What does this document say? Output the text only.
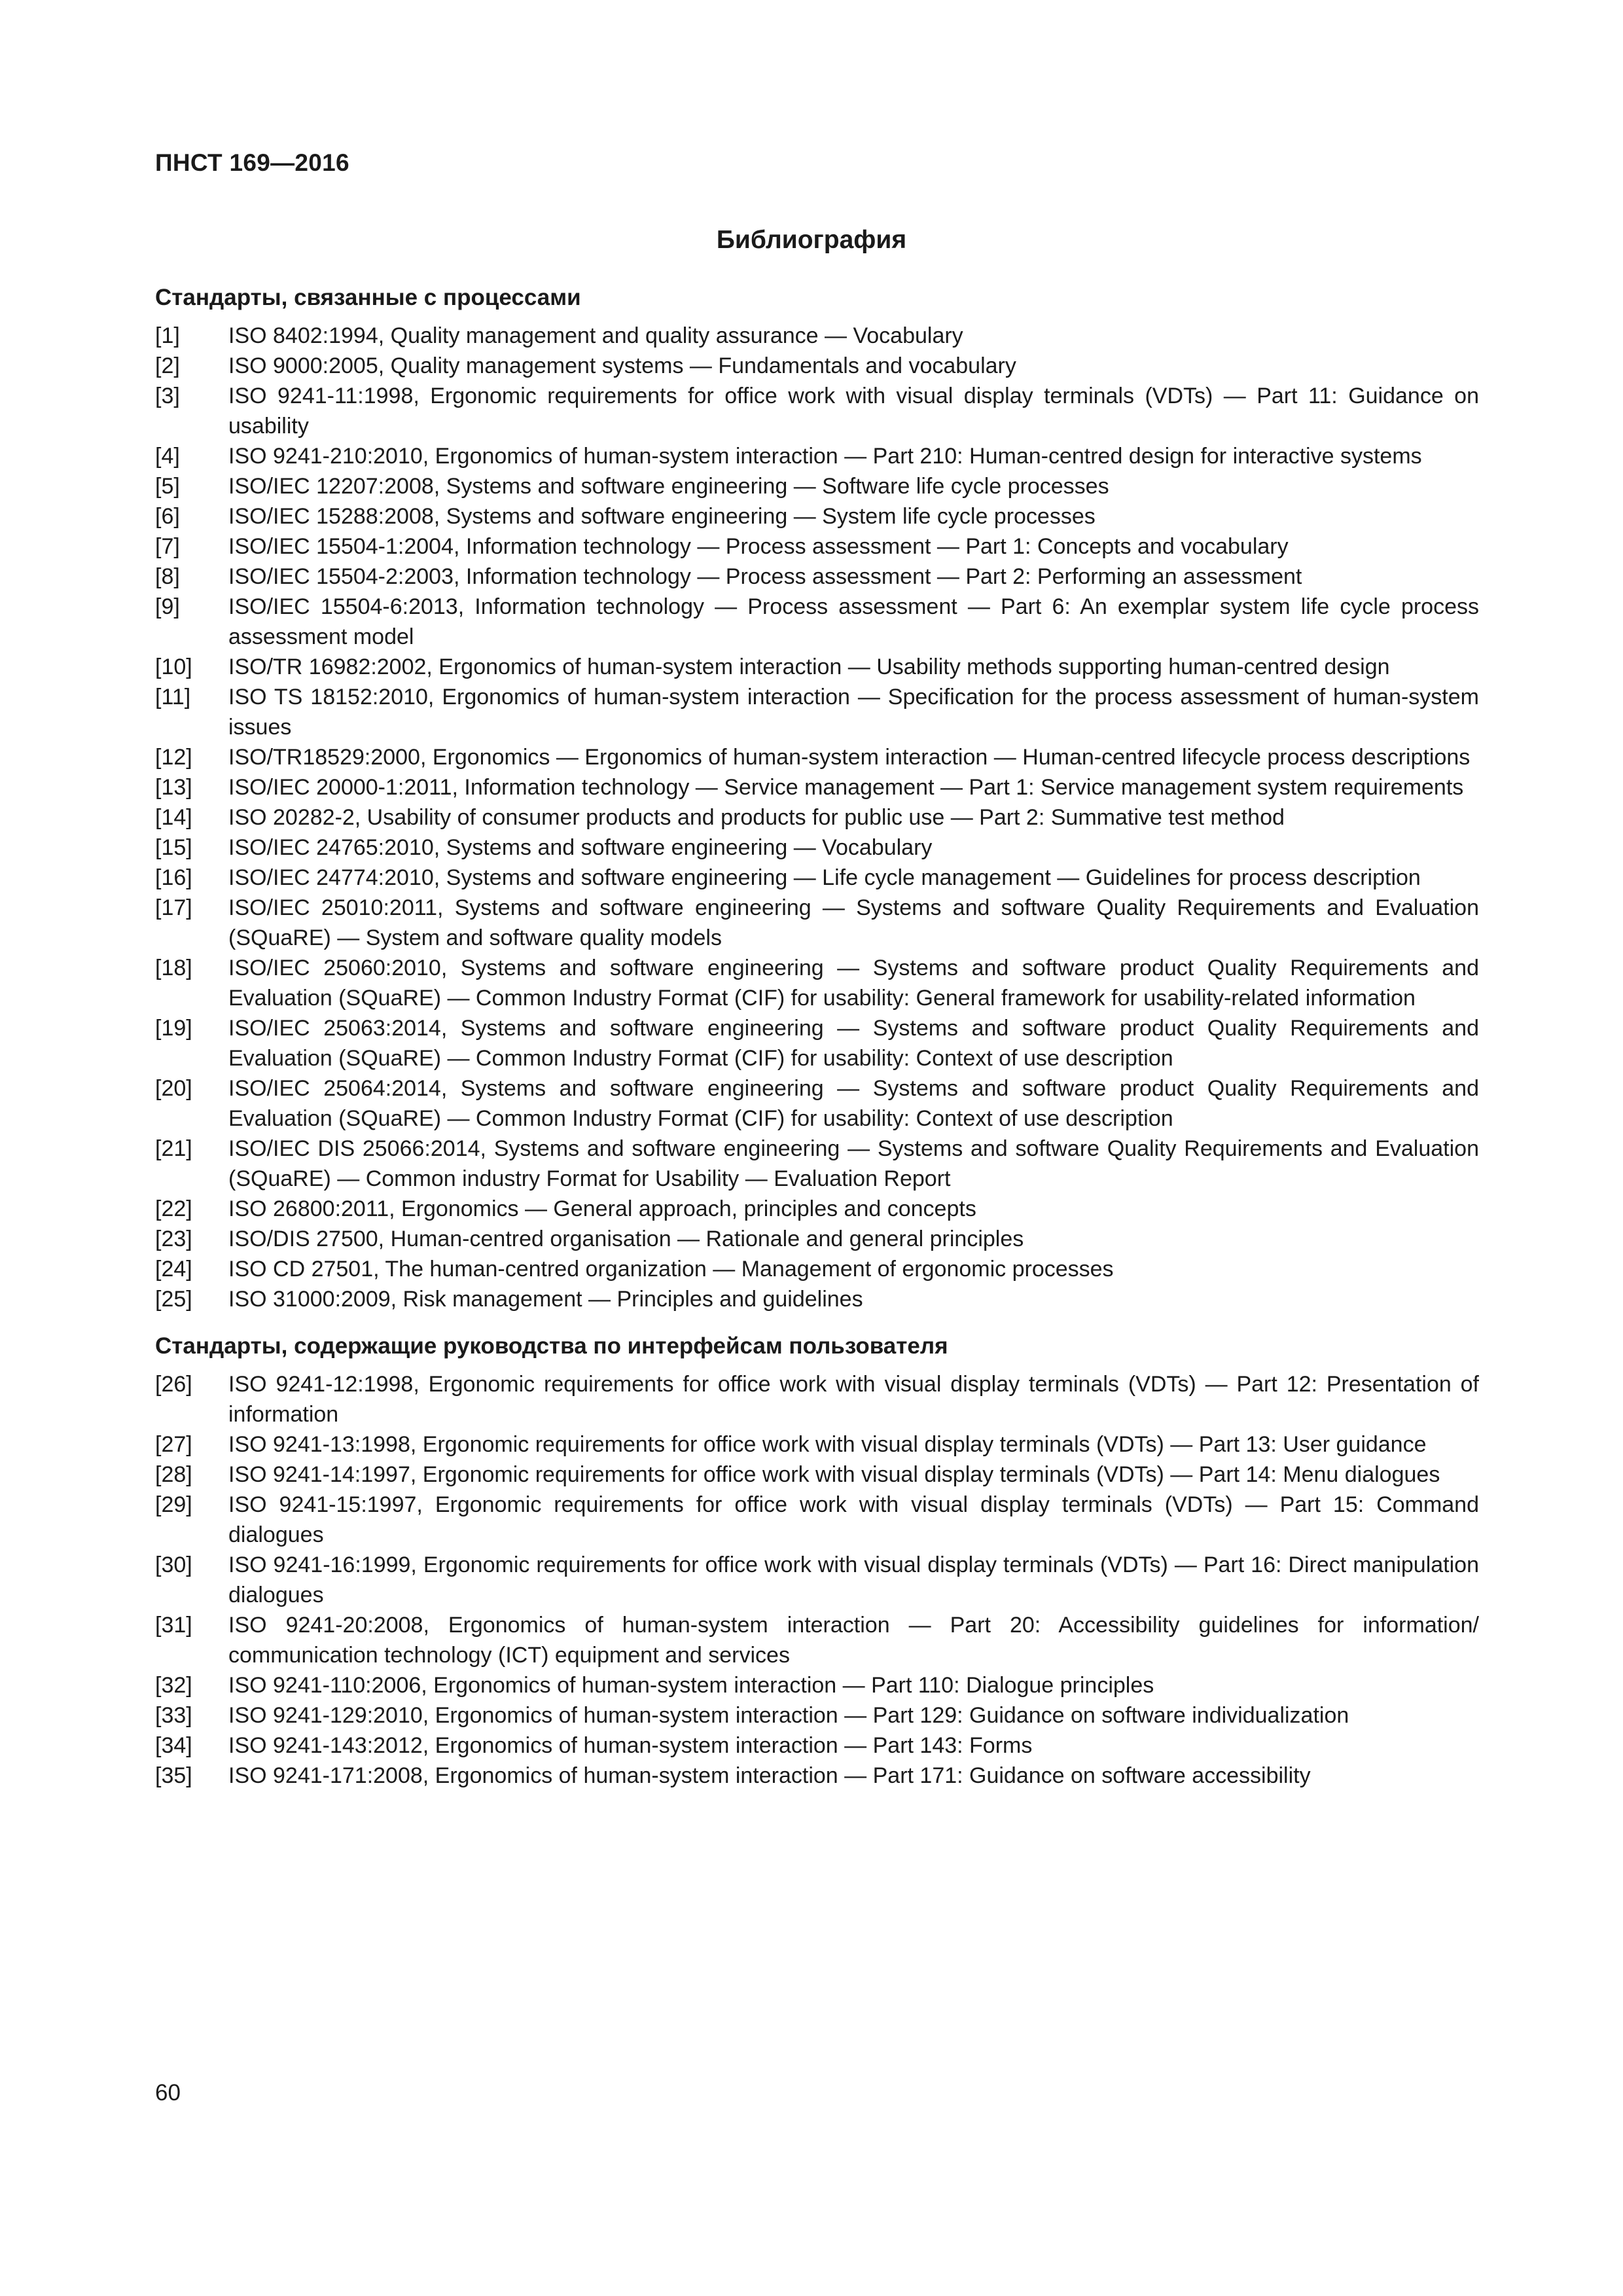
ПНСТ 169—2016
Библиография
Стандарты, связанные с процессами
[1]	ISO 8402:1994, Quality management and quality assurance — Vocabulary
[2]	ISO 9000:2005, Quality management systems — Fundamentals and vocabulary
[3]	ISO 9241-11:1998, Ergonomic requirements for office work with visual display terminals (VDTs) — Part 11: Guidance on usability
[4]	ISO 9241-210:2010, Ergonomics of human-system interaction — Part 210: Human-centred design for interactive systems
[5]	ISO/IEC 12207:2008, Systems and software engineering — Software life cycle processes
[6]	ISO/IEC 15288:2008, Systems and software engineering — System life cycle processes
[7]	ISO/IEC 15504-1:2004, Information technology — Process assessment — Part 1: Concepts and vocabulary
[8]	ISO/IEC 15504-2:2003, Information technology — Process assessment — Part 2: Performing an assessment
[9]	ISO/IEC 15504-6:2013, Information technology — Process assessment — Part 6: An exemplar system life cycle process assessment model
[10]	ISO/TR 16982:2002, Ergonomics of human-system interaction — Usability methods supporting human-centred design
[11]	ISO TS 18152:2010, Ergonomics of human-system interaction — Specification for the process assessment of human-system issues
[12]	ISO/TR18529:2000, Ergonomics — Ergonomics of human-system interaction — Human-centred lifecycle process descriptions
[13]	ISO/IEC 20000-1:2011, Information technology — Service management — Part 1: Service management system requirements
[14]	ISO 20282-2, Usability of consumer products and products for public use — Part 2: Summative test method
[15]	ISO/IEC 24765:2010, Systems and software engineering — Vocabulary
[16]	ISO/IEC 24774:2010, Systems and software engineering — Life cycle management — Guidelines for process description
[17]	ISO/IEC 25010:2011, Systems and software engineering — Systems and software Quality Requirements and Evaluation (SQuaRE) — System and software quality models
[18]	ISO/IEC 25060:2010, Systems and software engineering — Systems and software product Quality Requirements and Evaluation (SQuaRE) — Common Industry Format (CIF) for usability: General framework for usability-related information
[19]	ISO/IEC 25063:2014, Systems and software engineering — Systems and software product Quality Requirements and Evaluation (SQuaRE) — Common Industry Format (CIF) for usability: Context of use description
[20]	ISO/IEC 25064:2014, Systems and software engineering — Systems and software product Quality Requirements and Evaluation (SQuaRE) — Common Industry Format (CIF) for usability: Context of use description
[21]	ISO/IEC DIS 25066:2014, Systems and software engineering — Systems and software Quality Requirements and Evaluation (SQuaRE) — Common industry Format for Usability — Evaluation Report
[22]	ISO 26800:2011, Ergonomics — General approach, principles and concepts
[23]	ISO/DIS 27500, Human-centred organisation — Rationale and general principles
[24]	ISO CD 27501, The human-centred organization — Management of ergonomic processes
[25]	ISO 31000:2009, Risk management — Principles and guidelines
Стандарты, содержащие руководства по интерфейсам пользователя
[26]	ISO 9241-12:1998, Ergonomic requirements for office work with visual display terminals (VDTs) — Part 12: Presentation of information
[27]	ISO 9241-13:1998, Ergonomic requirements for office work with visual display terminals (VDTs) — Part 13: User guidance
[28]	ISO 9241-14:1997, Ergonomic requirements for office work with visual display terminals (VDTs) — Part 14: Menu dialogues
[29]	ISO 9241-15:1997, Ergonomic requirements for office work with visual display terminals (VDTs) — Part 15: Command dialogues
[30]	ISO 9241-16:1999, Ergonomic requirements for office work with visual display terminals (VDTs) — Part 16: Direct manipulation dialogues
[31]	ISO 9241-20:2008, Ergonomics of human-system interaction — Part 20: Accessibility guidelines for information/ communication technology (ICT) equipment and services
[32]	ISO 9241-110:2006, Ergonomics of human-system interaction — Part 110: Dialogue principles
[33]	ISO 9241-129:2010, Ergonomics of human-system interaction — Part 129: Guidance on software individualization
[34]	ISO 9241-143:2012, Ergonomics of human-system interaction — Part 143: Forms
[35]	ISO 9241-171:2008, Ergonomics of human-system interaction — Part 171: Guidance on software accessibility
60
